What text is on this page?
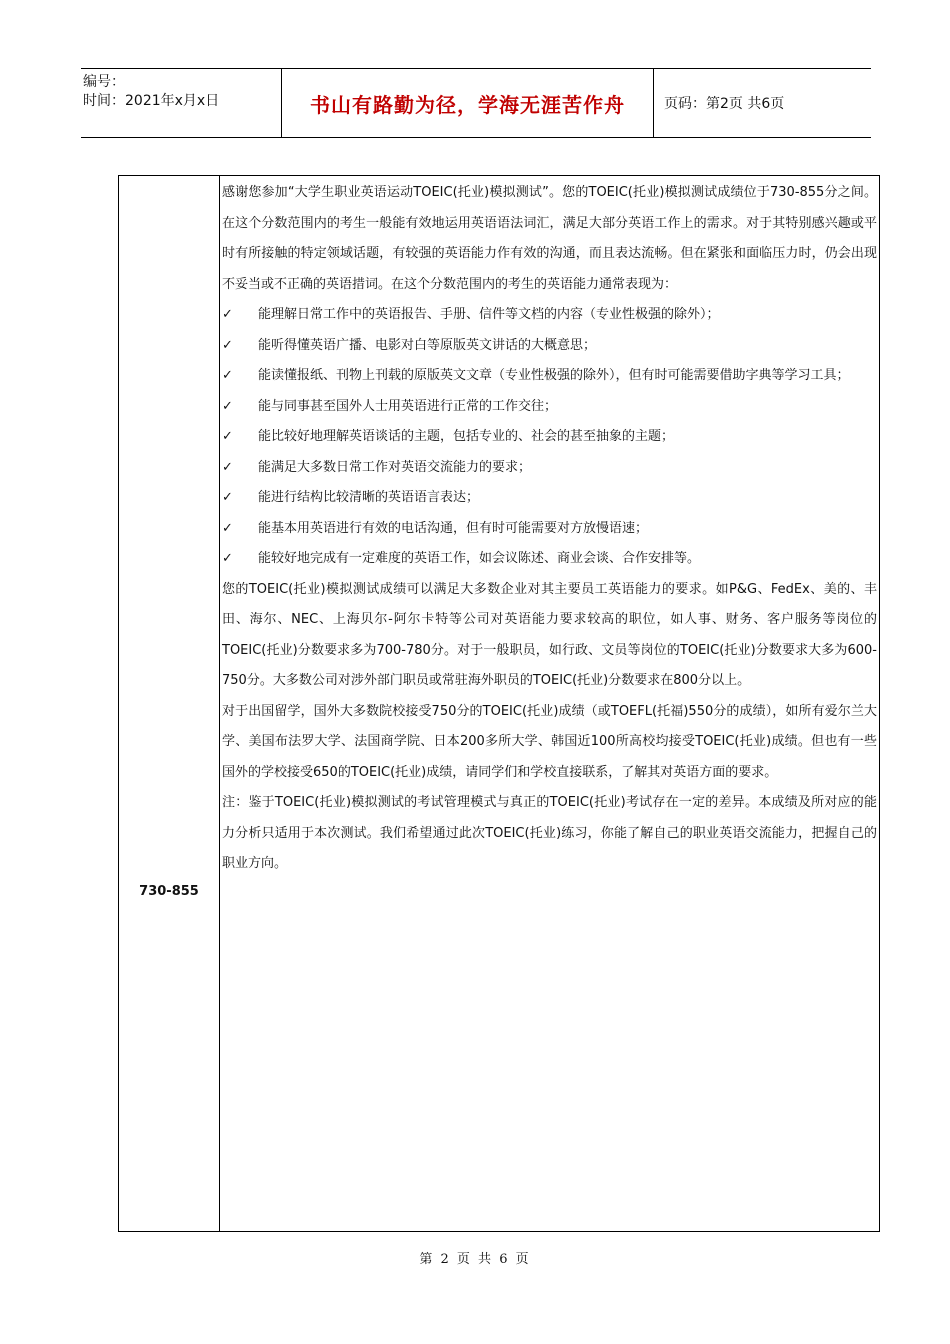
编号：
时间：2021年x月x日	书山有路勤为径，学海无涯苦作舟	页码：第2页 共6页
730-855

感谢您参加“大学生职业英语运动TOEIC(托业)模拟测试”。您的TOEIC(托业)模拟测试成绩位于730-855分之间。在这个分数范围内的考生一般能有效地运用英语语法词汇，满足大部分英语工作上的需求。对于其特别感兴趣或平时有所接触的特定领域话题，有较强的英语能力作有效的沟通，而且表达流畅。但在紧张和面临压力时，仍会出现不妥当或不正确的英语措词。在这个分数范围内的考生的英语能力通常表现为：

✓	能理解日常工作中的英语报告、手册、信件等文档的内容（专业性极强的除外）；
✓	能听得懂英语广播、电影对白等原版英文讲话的大概意思；
✓	能读懂报纸、刊物上刊载的原版英文文章（专业性极强的除外），但有时可能需要借助字典等学习工具；
✓	能与同事甚至国外人士用英语进行正常的工作交往；
✓	能比较好地理解英语谈话的主题，包括专业的、社会的甚至抽象的主题；
✓	能满足大多数日常工作对英语交流能力的要求；
✓	能进行结构比较清晰的英语语言表达；
✓	能基本用英语进行有效的电话沟通，但有时可能需要对方放慢语速；
✓	能较好地完成有一定难度的英语工作，如会议陈述、商业会谈、合作安排等。

您的TOEIC(托业)模拟测试成绩可以满足大多数企业对其主要员工英语能力的要求。如P&G、FedEx、美的、丰田、海尔、NEC、上海贝尔-阿尔卡特等公司对英语能力要求较高的职位，如人事、财务、客户服务等岗位的TOEIC(托业)分数要求多为700-780分。对于一般职员，如行政、文员等岗位的TOEIC(托业)分数要求大多为600-750分。大多数公司对涉外部门职员或常驻海外职员的TOEIC(托业)分数要求在800分以上。

对于出国留学，国外大多数院校接受750分的TOEIC(托业)成绩（或TOEFL(托福)550分的成绩），如所有爱尔兰大学、美国布法罗大学、法国商学院、日本200多所大学、韩国近100所高校均接受TOEIC(托业)成绩。但也有一些国外的学校接受650的TOEIC(托业)成绩，请同学们和学校直接联系，了解其对英语方面的要求。

注：鉴于TOEIC(托业)模拟测试的考试管理模式与真正的TOEIC(托业)考试存在一定的差异。本成绩及所对应的能力分析只适用于本次测试。我们希望通过此次TOEIC(托业)练习，你能了解自己的职业英语交流能力，把握自己的职业方向。

第 2 页 共 6 页
